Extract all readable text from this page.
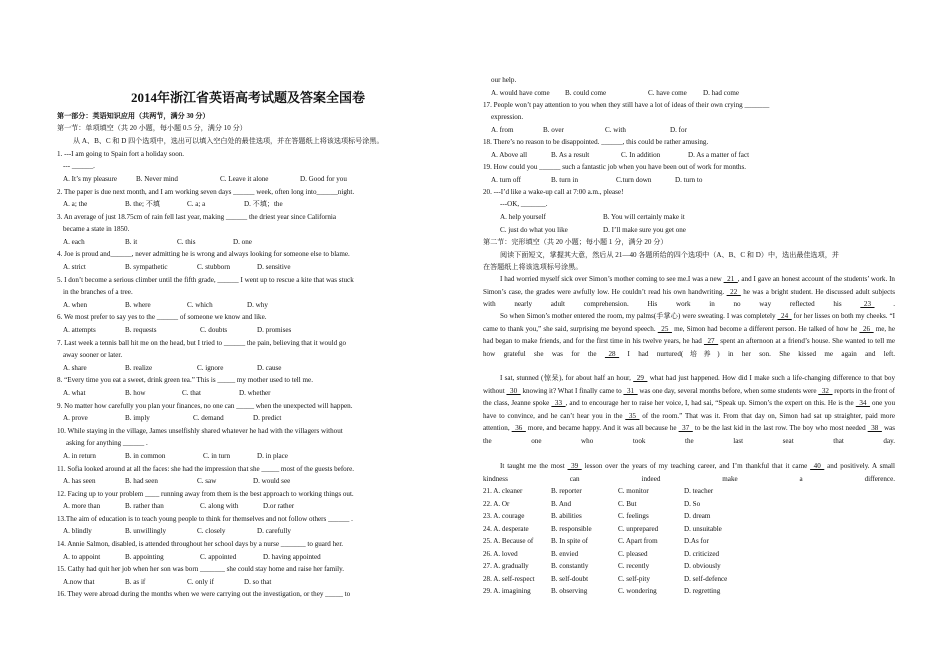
2014年浙江省英语高考试题及答案全国卷
第一部分：英语知识应用（共两节，满分 30 分）
第一节：单项填空（共 20 小题，每小题 0.5 分，满分 10 分）
从 A、B、C 和 D 四个选项中，选出可以填入空白处的最佳选项，并在答题纸上将该选项标号涂黑。
1. ---I am going to Spain fort a holiday soon.
--- ______.
A. It’s my pleasure	B. Never mind	C. Leave it alone	D. Good for you
2. The paper is due next month, and I am working seven days ______ week, often long into______night.
A. a; the	B. the; 不填	C. a; a	D. 不填；the
3. An average of just 18.75cm of rain fell last year, making ______ the driest year since California
became a state in 1850.
A. each	B. it	C. this	D. one
4. Joe is proud and______, never admitting he is wrong and always looking for someone else to blame.
A. strict	B. sympathetic	C. stubborn	D. sensitive
5. I don’t become a serious climber until the fifth grade, ______ I went up to rescue a kite that was stuck
in the branches of a tree.
A. when	B. where	C. which	D. why
6. We most prefer to say yes to the ______ of someone we know and like.
A. attempts	B. requests	C. doubts	D. promises
7. Last week a tennis ball hit me on the head, but I tried to ______ the pain, believing that it would go
away sooner or later.
A. share	B. realize	C. ignore	D. cause
8. “Every time you eat a sweet, drink green tea.” This is _____ my mother used to tell me.
A. what	B. how	C. that	D. whether
9. No matter how carefully you plan your finances, no one can _____ when the unexpected will happen.
A. prove	B. imply	C. demand	D. predict
10. While staying in the village, James unselfishly shared whatever he had with the villagers without
asking for anything ______ .
A. in return	B. in common	C. in turn	D. in place
11. Sofia looked around at all the faces: she had the impression that she _____ most of the guests before.
A. has seen	B. had seen	C. saw	D. would see
12. Facing up to your problem ____ running away from them is the best approach to working things out.
A. more than	B. rather than	C. along with	D.or rather
13.The aim of education is to teach young people to think for themselves and not follow others ______ .
A. blindly	B. unwillingly	C. closely	D. carefully
14. Annie Salmon, disabled, is attended throughout her school days by a nurse _______ to guard her.
A. to appoint	B. appointing	C. appointed	D. having appointed
15. Cathy had quit her job when her son was born _______ she could stay home and raise her family.
A.now that	B. as if	C. only if	D. so that
16. They were abroad during the months when we were carrying out the investigation, or they _____ to
our help.
A. would have come B. could come	C. have come D. had come
17. People won’t pay attention to you when they still have a lot of ideas of their own crying _______
expression.
A. from	B. over	C. with	D. for
18. There’s no reason to be disappointed. ______, this could be rather amusing.
A. Above all	B. As a result	C. In addition	D. As a matter of fact
19. How could you ______ such a fantastic job when you have been out of work for months.
A. turn off	B. turn in	C.turn down	D. turn to
20. ---I’d like a wake-up call at 7:00 a.m., please!
---OK, _______.
A. help yourself	B. You will certainly make it
C. just do what you like	D. I’ll make sure you get one
第二节：完形填空（共 20 小题；每小题 1 分，满分 20 分）
阅读下面短文，掌握其大意，然后从 21—40 各题所给的四个选项中（A、B、C 和 D）中，选出最佳选项，并
在答题纸上将该选项标号涂黑。
I had worried myself sick over Simon’s mother coming to see me.I was a new  21 , and I gave an honest account of the students’ work. In Simon’s case, the grades were awfully low. He couldn’t read his own handwriting.  22  he was a bright student. He discussed adult subjects with nearly adult comprehension. His work in no way reflected his  23  .
So when Simon’s mother entered the room, my palms(手掌心) were sweating. I was completely  24  for her lisses on both my cheeks. “I came to thank you,” she said, surprising me beyond speech.  25  me, Simon had become a different person. He talked of how he  26  me, he had began to make friends, and for the first time in his twelve years, he had  27  spent an afternoon at a friend’s house. She wanted to tell me how grateful she was for the  28  I had nurtured(培养) in her son. She kissed me again and left.
I sat, stunned (惊呆), for about half an hour,  29  what had just happened. How did I make such a life-changing difference to that boy without  30  knowing it? What I finally came to  31  was one day, several months before, when some students were  32  reports in the front of the class, Jeanne spoke  33 , and to encourage her to raise her voice, I, had sai, “Speak up. Simon’s the expert on this. He is the  34  one you have to convince, and he can’t hear you in the  35  of the room.” That was it. From that day on, Simon had sat up straighter, paid more attention,  36  more, and became happy. And it was all because he  37  to be the last kid in the last row. The boy who most needed  38  was the one who took the last seat that day.
It taught me the most  39  lesson over the years of my teaching career, and I’m thankful that it came  40  and positively. A small kindness can indeed make a difference.
21. A. cleaner	B. reporter	C. monitor	D. teacher
22. A. Or	B. And	C. But	D. So
23. A. courage	B. abilities	C. feelings	D. dream
24. A. desperate	B. responsible	C. unprepared	D. unsuitable
25. A. Because of	B. In spite of	C. Apart from	D.As for
26. A. loved	B. envied	C. pleased	D. criticized
27. A. gradually	B. constantly	C. recently	D. obviously
28. A. self-respect B. self-doubt	C. self-pity	D. self-defence
29. A. imagining	B. observing	C. wondering	D. regretting
